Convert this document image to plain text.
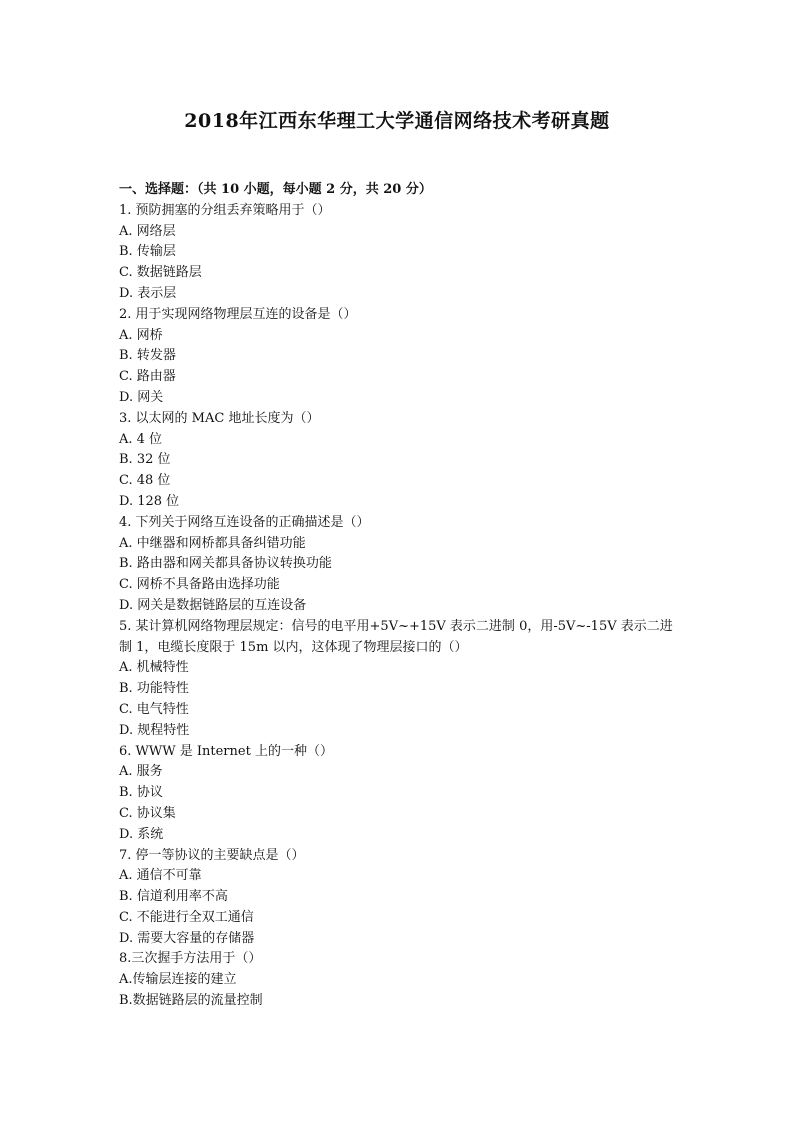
2018年江西东华理工大学通信网络技术考研真题
一、选择题：（共 10 小题，每小题 2 分，共 20 分）
1. 预防拥塞的分组丢弃策略用于（）
A. 网络层
B. 传输层
C. 数据链路层
D. 表示层
2. 用于实现网络物理层互连的设备是（）
A. 网桥
B. 转发器
C. 路由器
D. 网关
3. 以太网的 MAC 地址长度为（）
A. 4 位
B. 32 位
C. 48 位
D. 128 位
4. 下列关于网络互连设备的正确描述是（）
A. 中继器和网桥都具备纠错功能
B. 路由器和网关都具备协议转换功能
C. 网桥不具备路由选择功能
D. 网关是数据链路层的互连设备
5. 某计算机网络物理层规定：信号的电平用+5V~+15V 表示二进制 0，用-5V~-15V 表示二进制 1，电缆长度限于 15m 以内，这体现了物理层接口的（）
A. 机械特性
B. 功能特性
C. 电气特性
D. 规程特性
6. WWW 是 Internet 上的一种（）
A. 服务
B. 协议
C. 协议集
D. 系统
7. 停一等协议的主要缺点是（）
A. 通信不可靠
B. 信道利用率不高
C. 不能进行全双工通信
D. 需要大容量的存储器
8.三次握手方法用于（）
A.传输层连接的建立
B.数据链路层的流量控制
